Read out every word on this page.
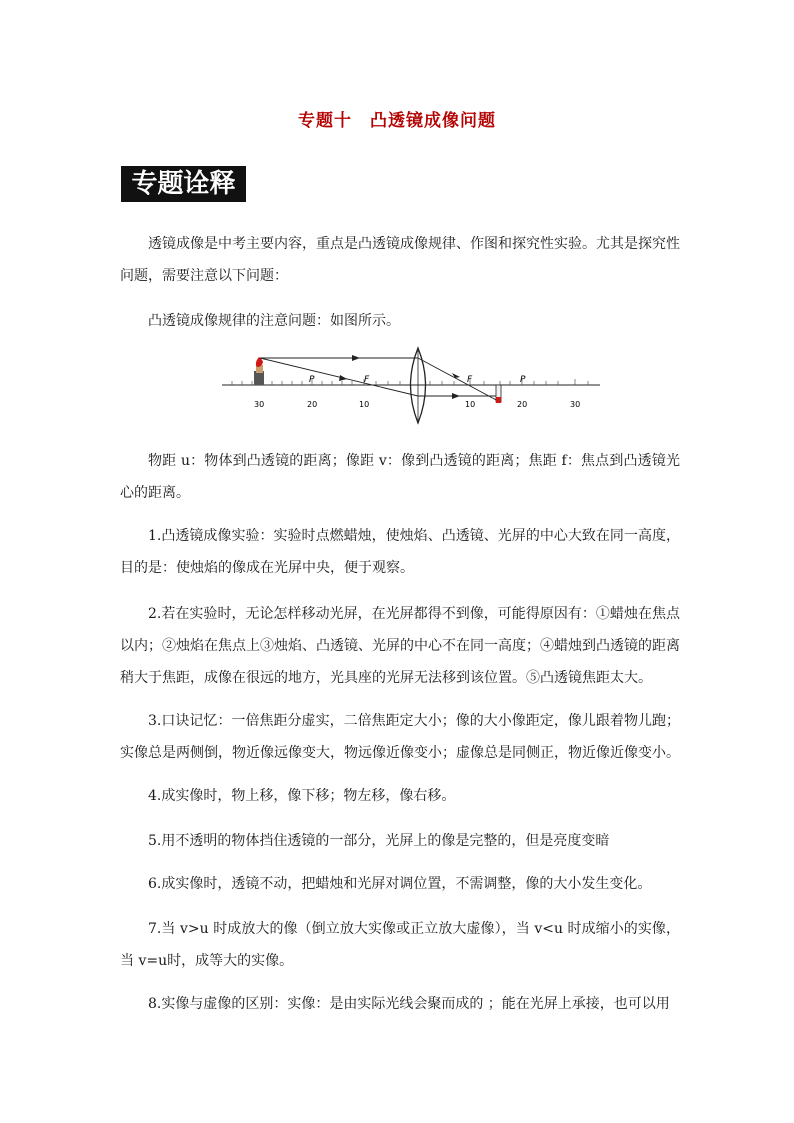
专题十　凸透镜成像问题
专题诠释

透镜成像是中考主要内容，重点是凸透镜成像规律、作图和探究性实验。尤其是探究性问题，需要注意以下问题：

凸透镜成像规律的注意问题：如图所示。

P	F	F	P
30	20	10	10	20	30

物距 u：物体到凸透镜的距离；像距 v：像到凸透镜的距离；焦距 f：焦点到凸透镜光心的距离。

1.凸透镜成像实验：实验时点燃蜡烛，使烛焰、凸透镜、光屏的中心大致在同一高度，目的是：使烛焰的像成在光屏中央，便于观察。

2.若在实验时，无论怎样移动光屏，在光屏都得不到像，可能得原因有：①蜡烛在焦点以内；②烛焰在焦点上③烛焰、凸透镜、光屏的中心不在同一高度；④蜡烛到凸透镜的距离稍大于焦距，成像在很远的地方，光具座的光屏无法移到该位置。⑤凸透镜焦距太大。

3.口诀记忆：一倍焦距分虚实，二倍焦距定大小；像的大小像距定，像儿跟着物儿跑；实像总是两侧倒，物近像远像变大，物远像近像变小；虚像总是同侧正，物近像近像变小。

4.成实像时，物上移，像下移；物左移，像右移。

5.用不透明的物体挡住透镜的一部分，光屏上的像是完整的，但是亮度变暗

6.成实像时，透镜不动，把蜡烛和光屏对调位置，不需调整，像的大小发生变化。

7.当 v>u 时成放大的像（倒立放大实像或正立放大虚像），当 v<u 时成缩小的实像，当 v=u时，成等大的实像。

8.实像与虚像的区别：实像：是由实际光线会聚而成的 ；能在光屏上承接，也可以用
